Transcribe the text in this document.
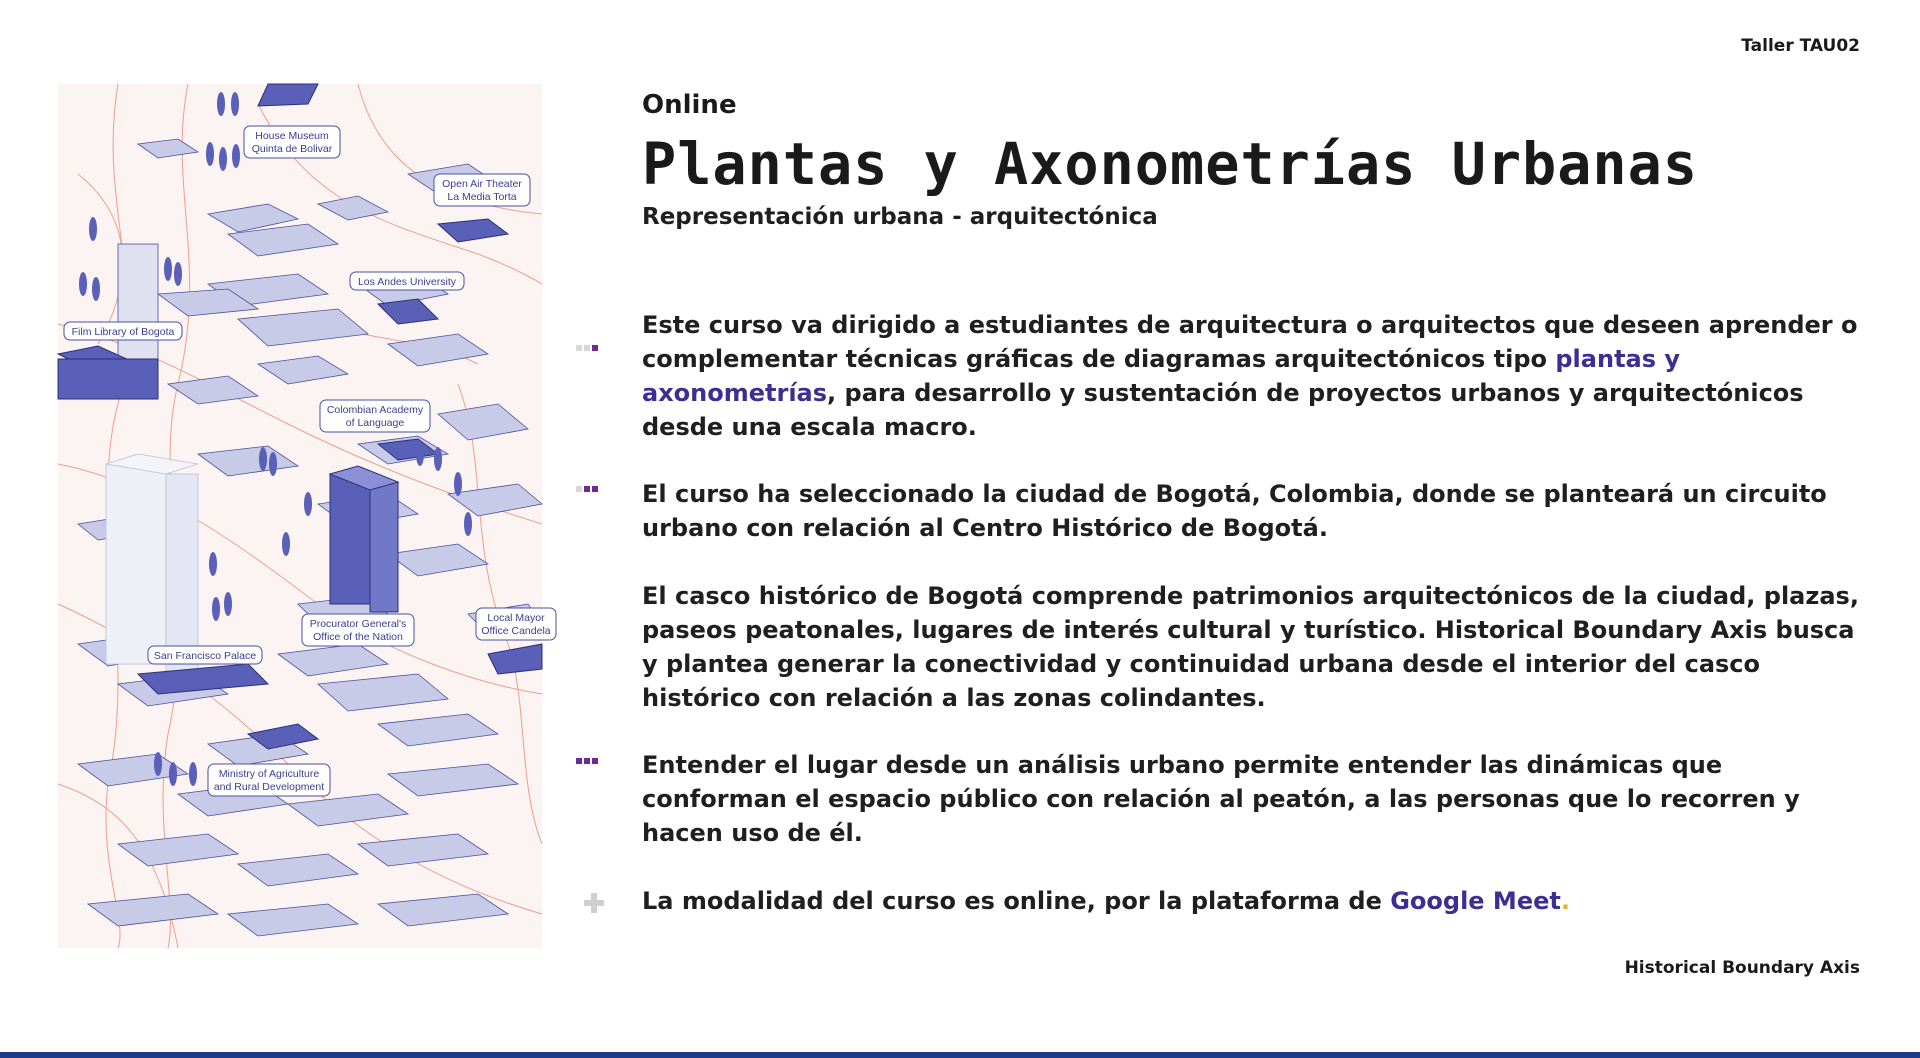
Taller TAU02
House Museum
Quinta de Bolivar
Open Air Theater
La Media Torta
Los Andes University
Film Library of Bogota
Colombian Academy
of Language
Procurator General's
Office of the Nation
Local Mayor
Office Candela
San Francisco Palace
Ministry of Agriculture
and Rural Development

Online

Plantas y Axonometrías Urbanas

Representación urbana - arquitectónica

Este curso va dirigido a estudiantes de arquitectura o arquitectos que deseen aprender o complementar técnicas gráficas de diagramas arquitectónicos tipo plantas y axonometrías, para desarrollo y sustentación de proyectos urbanos y arquitectónicos desde una escala macro.

El curso ha seleccionado la ciudad de Bogotá, Colombia, donde se planteará un circuito urbano con relación al Centro Histórico de Bogotá.

El casco histórico de Bogotá comprende patrimonios arquitectónicos de la ciudad, plazas, paseos peatonales, lugares de interés cultural y turístico. Historical Boundary Axis busca y plantea generar la conectividad y continuidad urbana desde el interior del casco histórico con relación a las zonas colindantes.

Entender el lugar desde un análisis urbano permite entender las dinámicas que conforman el espacio público con relación al peatón, a las personas que lo recorren y hacen uso de él.

La modalidad del curso es online, por la plataforma de Google Meet.

Historical Boundary Axis
